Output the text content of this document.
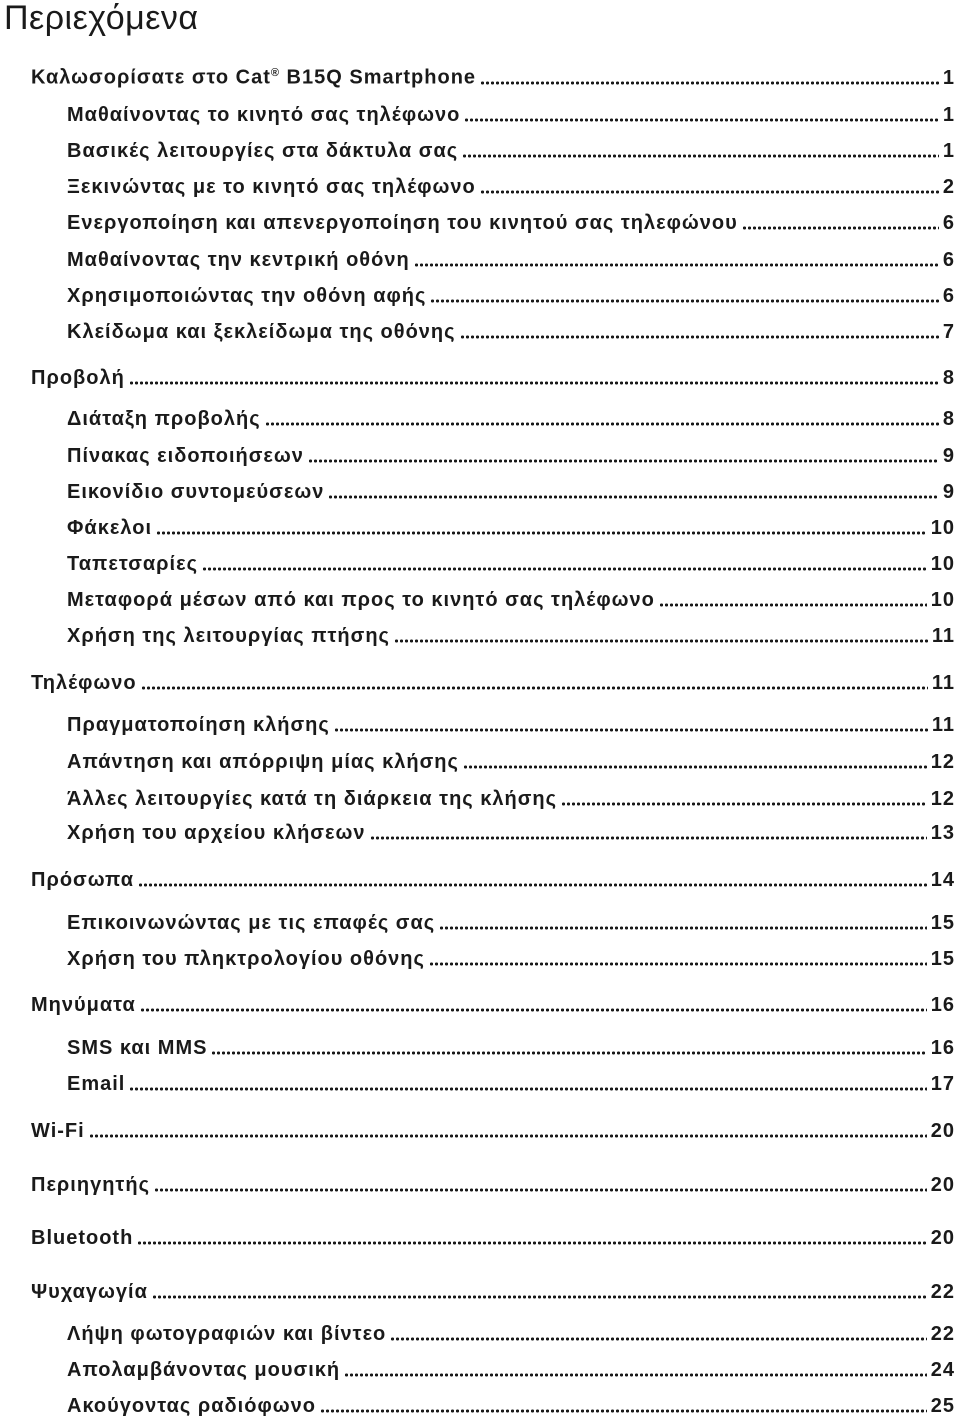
Περιεχόμενα
Καλωσορίσατε στο Cat® B15Q Smartphone	1
Μαθαίνοντας το κινητό σας τηλέφωνο	1
Βασικές λειτουργίες στα δάκτυλα σας	1
Ξεκινώντας με το κινητό σας τηλέφωνο	2
Ενεργοποίηση και απενεργοποίηση του κινητού σας τηλεφώνου	6
Μαθαίνοντας την κεντρική οθόνη	6
Χρησιμοποιώντας την οθόνη αφής	6
Κλείδωμα και ξεκλείδωμα της οθόνης	7
Προβολή	8
Διάταξη προβολής	8
Πίνακας ειδοποιήσεων	9
Εικονίδιο συντομεύσεων	9
Φάκελοι	10
Ταπετσαρίες	10
Μεταφορά μέσων από και προς το κινητό σας τηλέφωνο	10
Χρήση της λειτουργίας πτήσης	11
Τηλέφωνο	11
Πραγματοποίηση κλήσης	11
Απάντηση και απόρριψη μίας κλήσης	12
Άλλες λειτουργίες κατά τη διάρκεια της κλήσης	12
Χρήση του αρχείου κλήσεων	13
Πρόσωπα	14
Επικοινωνώντας με τις επαφές σας	15
Χρήση του πληκτρολογίου οθόνης	15
Μηνύματα	16
SMS και MMS	16
Email	17
Wi-Fi	20
Περιηγητής	20
Bluetooth	20
Ψυχαγωγία	22
Λήψη φωτογραφιών και βίντεο	22
Απολαμβάνοντας μουσική	24
Ακούγοντας ραδιόφωνο	25
